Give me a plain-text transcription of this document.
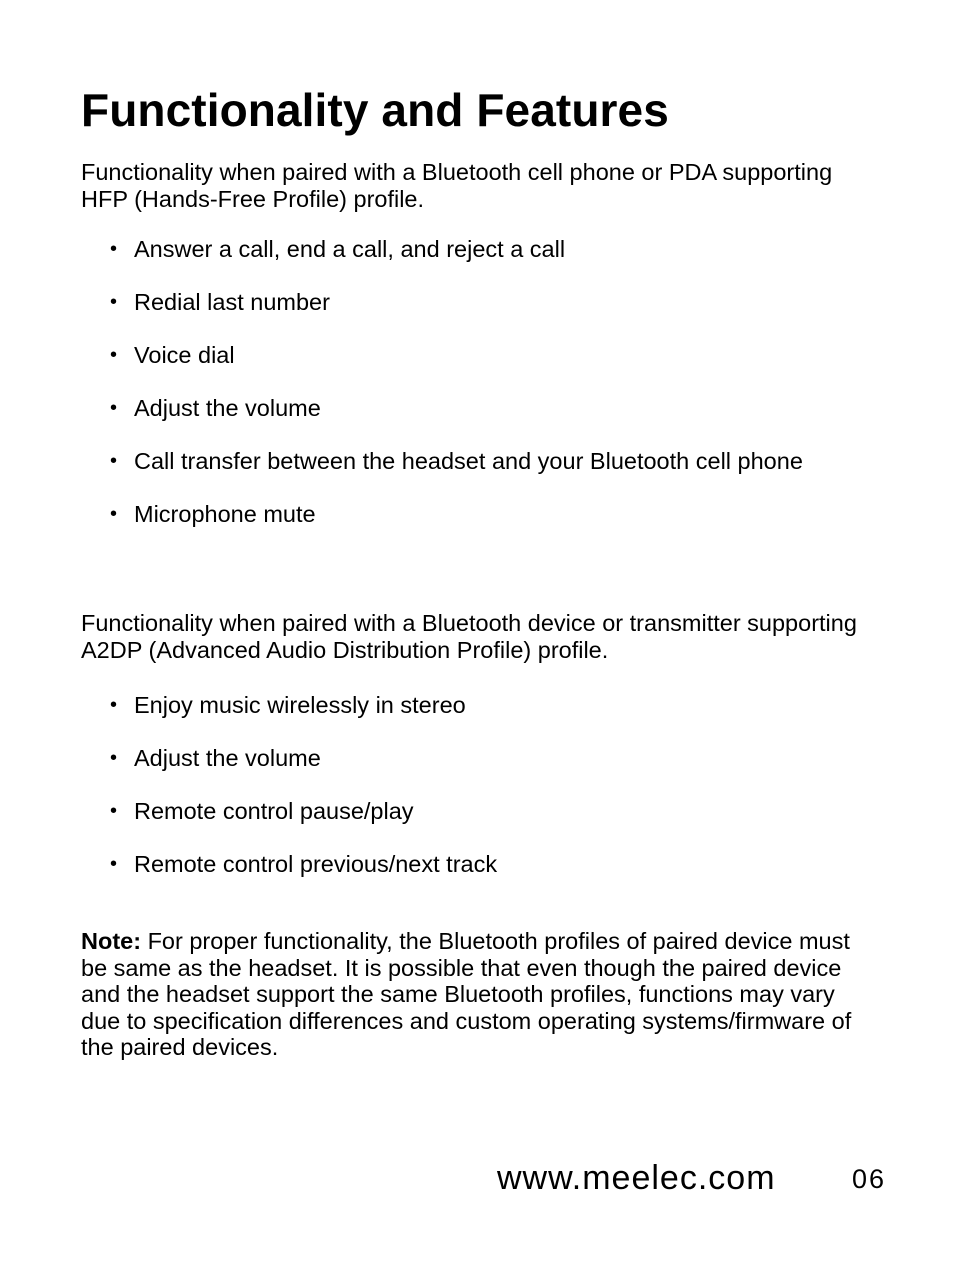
Functionality and Features

Functionality when paired with a Bluetooth cell phone or PDA supporting HFP (Hands-Free Profile) profile.

• Answer a call, end a call, and reject a call
• Redial last number
• Voice dial
• Adjust the volume
• Call transfer between the headset and your Bluetooth cell phone
• Microphone mute

Functionality when paired with a Bluetooth device or transmitter supporting A2DP (Advanced Audio Distribution Profile) profile.

• Enjoy music wirelessly in stereo
• Adjust the volume
• Remote control pause/play
• Remote control previous/next track

Note: For proper functionality, the Bluetooth profiles of paired device must be same as the headset. It is possible that even though the paired device and the headset support the same Bluetooth profiles, functions may vary due to specification differences and custom operating systems/firmware of the paired devices.

www.meelec.com	06
